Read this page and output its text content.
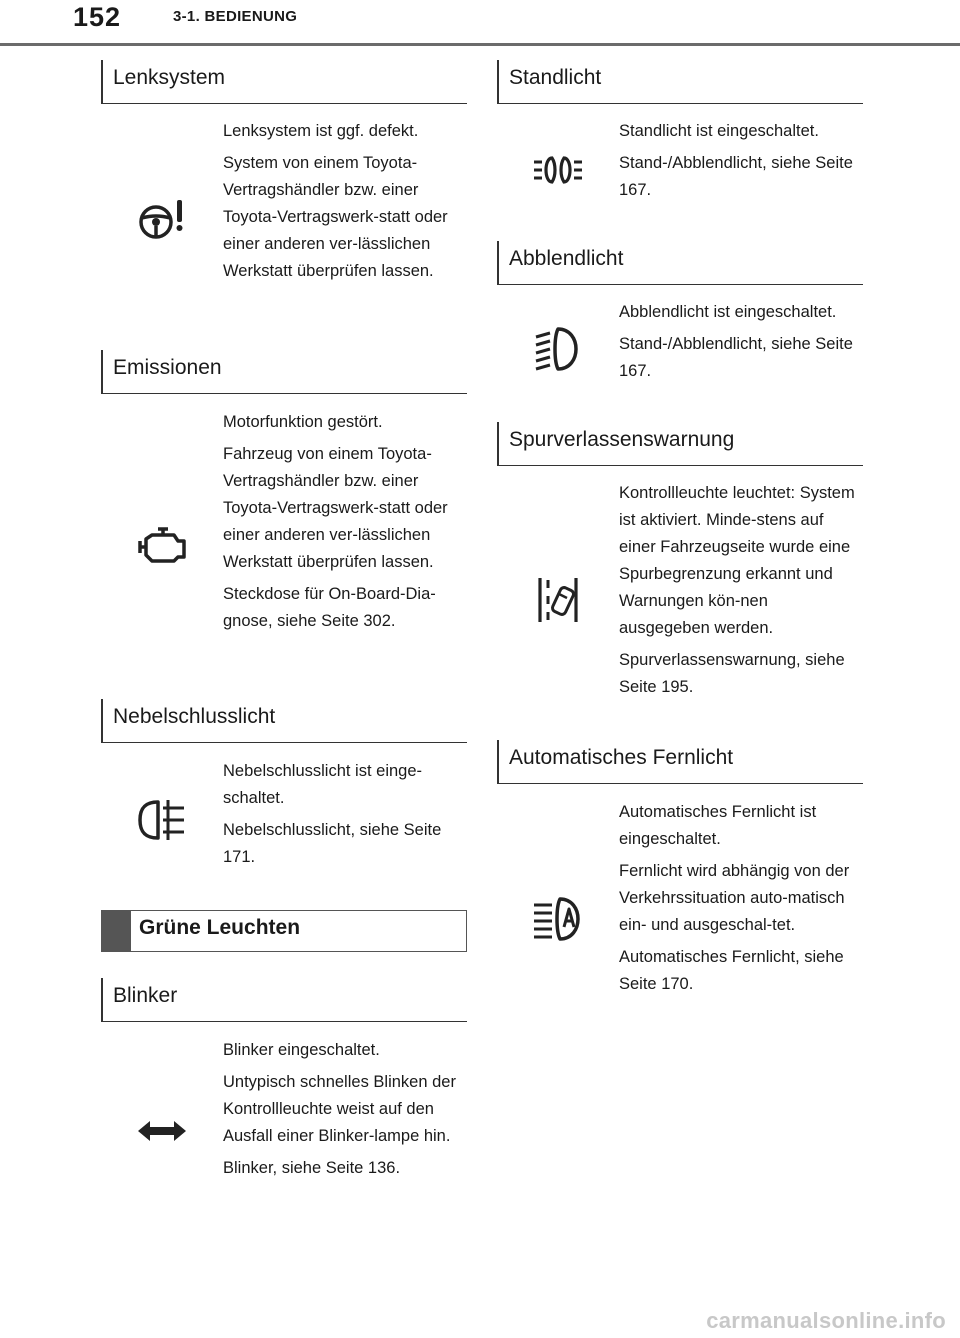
152	3-1. BEDIENUNG
Lenksystem

Lenksystem ist ggf. defekt.

System von einem Toyota-Vertragshändler bzw. einer Toyota-Vertragswerk-statt oder einer anderen ver-lässlichen Werkstatt überprüfen lassen.

Emissionen

Motorfunktion gestört.

Fahrzeug von einem Toyota-Vertragshändler bzw. einer Toyota-Vertragswerk-statt oder einer anderen ver-lässlichen Werkstatt überprüfen lassen.

Steckdose für On-Board-Dia-gnose, siehe Seite 302.

Nebelschlusslicht

Nebelschlusslicht ist einge-schaltet.

Nebelschlusslicht, siehe Seite 171.

Grüne Leuchten
Blinker

Blinker eingeschaltet.

Untypisch schnelles Blinken der Kontrollleuchte weist auf den Ausfall einer Blinker-lampe hin.

Blinker, siehe Seite 136.

Standlicht

Standlicht ist eingeschaltet.

Stand-/Abblendlicht, siehe Seite 167.

Abblendlicht

Abblendlicht ist eingeschaltet.

Stand-/Abblendlicht, siehe Seite 167.

Spurverlassenswarnung

Kontrollleuchte leuchtet: System ist aktiviert. Minde-stens auf einer Fahrzeugseite wurde eine Spurbegrenzung erkannt und Warnungen kön-nen ausgegeben werden.

Spurverlassenswarnung, siehe Seite 195.

Automatisches Fernlicht

Automatisches Fernlicht ist eingeschaltet.

Fernlicht wird abhängig von der Verkehrssituation auto-matisch ein- und ausgeschal-tet.

Automatisches Fernlicht, siehe Seite 170.

carmanualsonline.info
